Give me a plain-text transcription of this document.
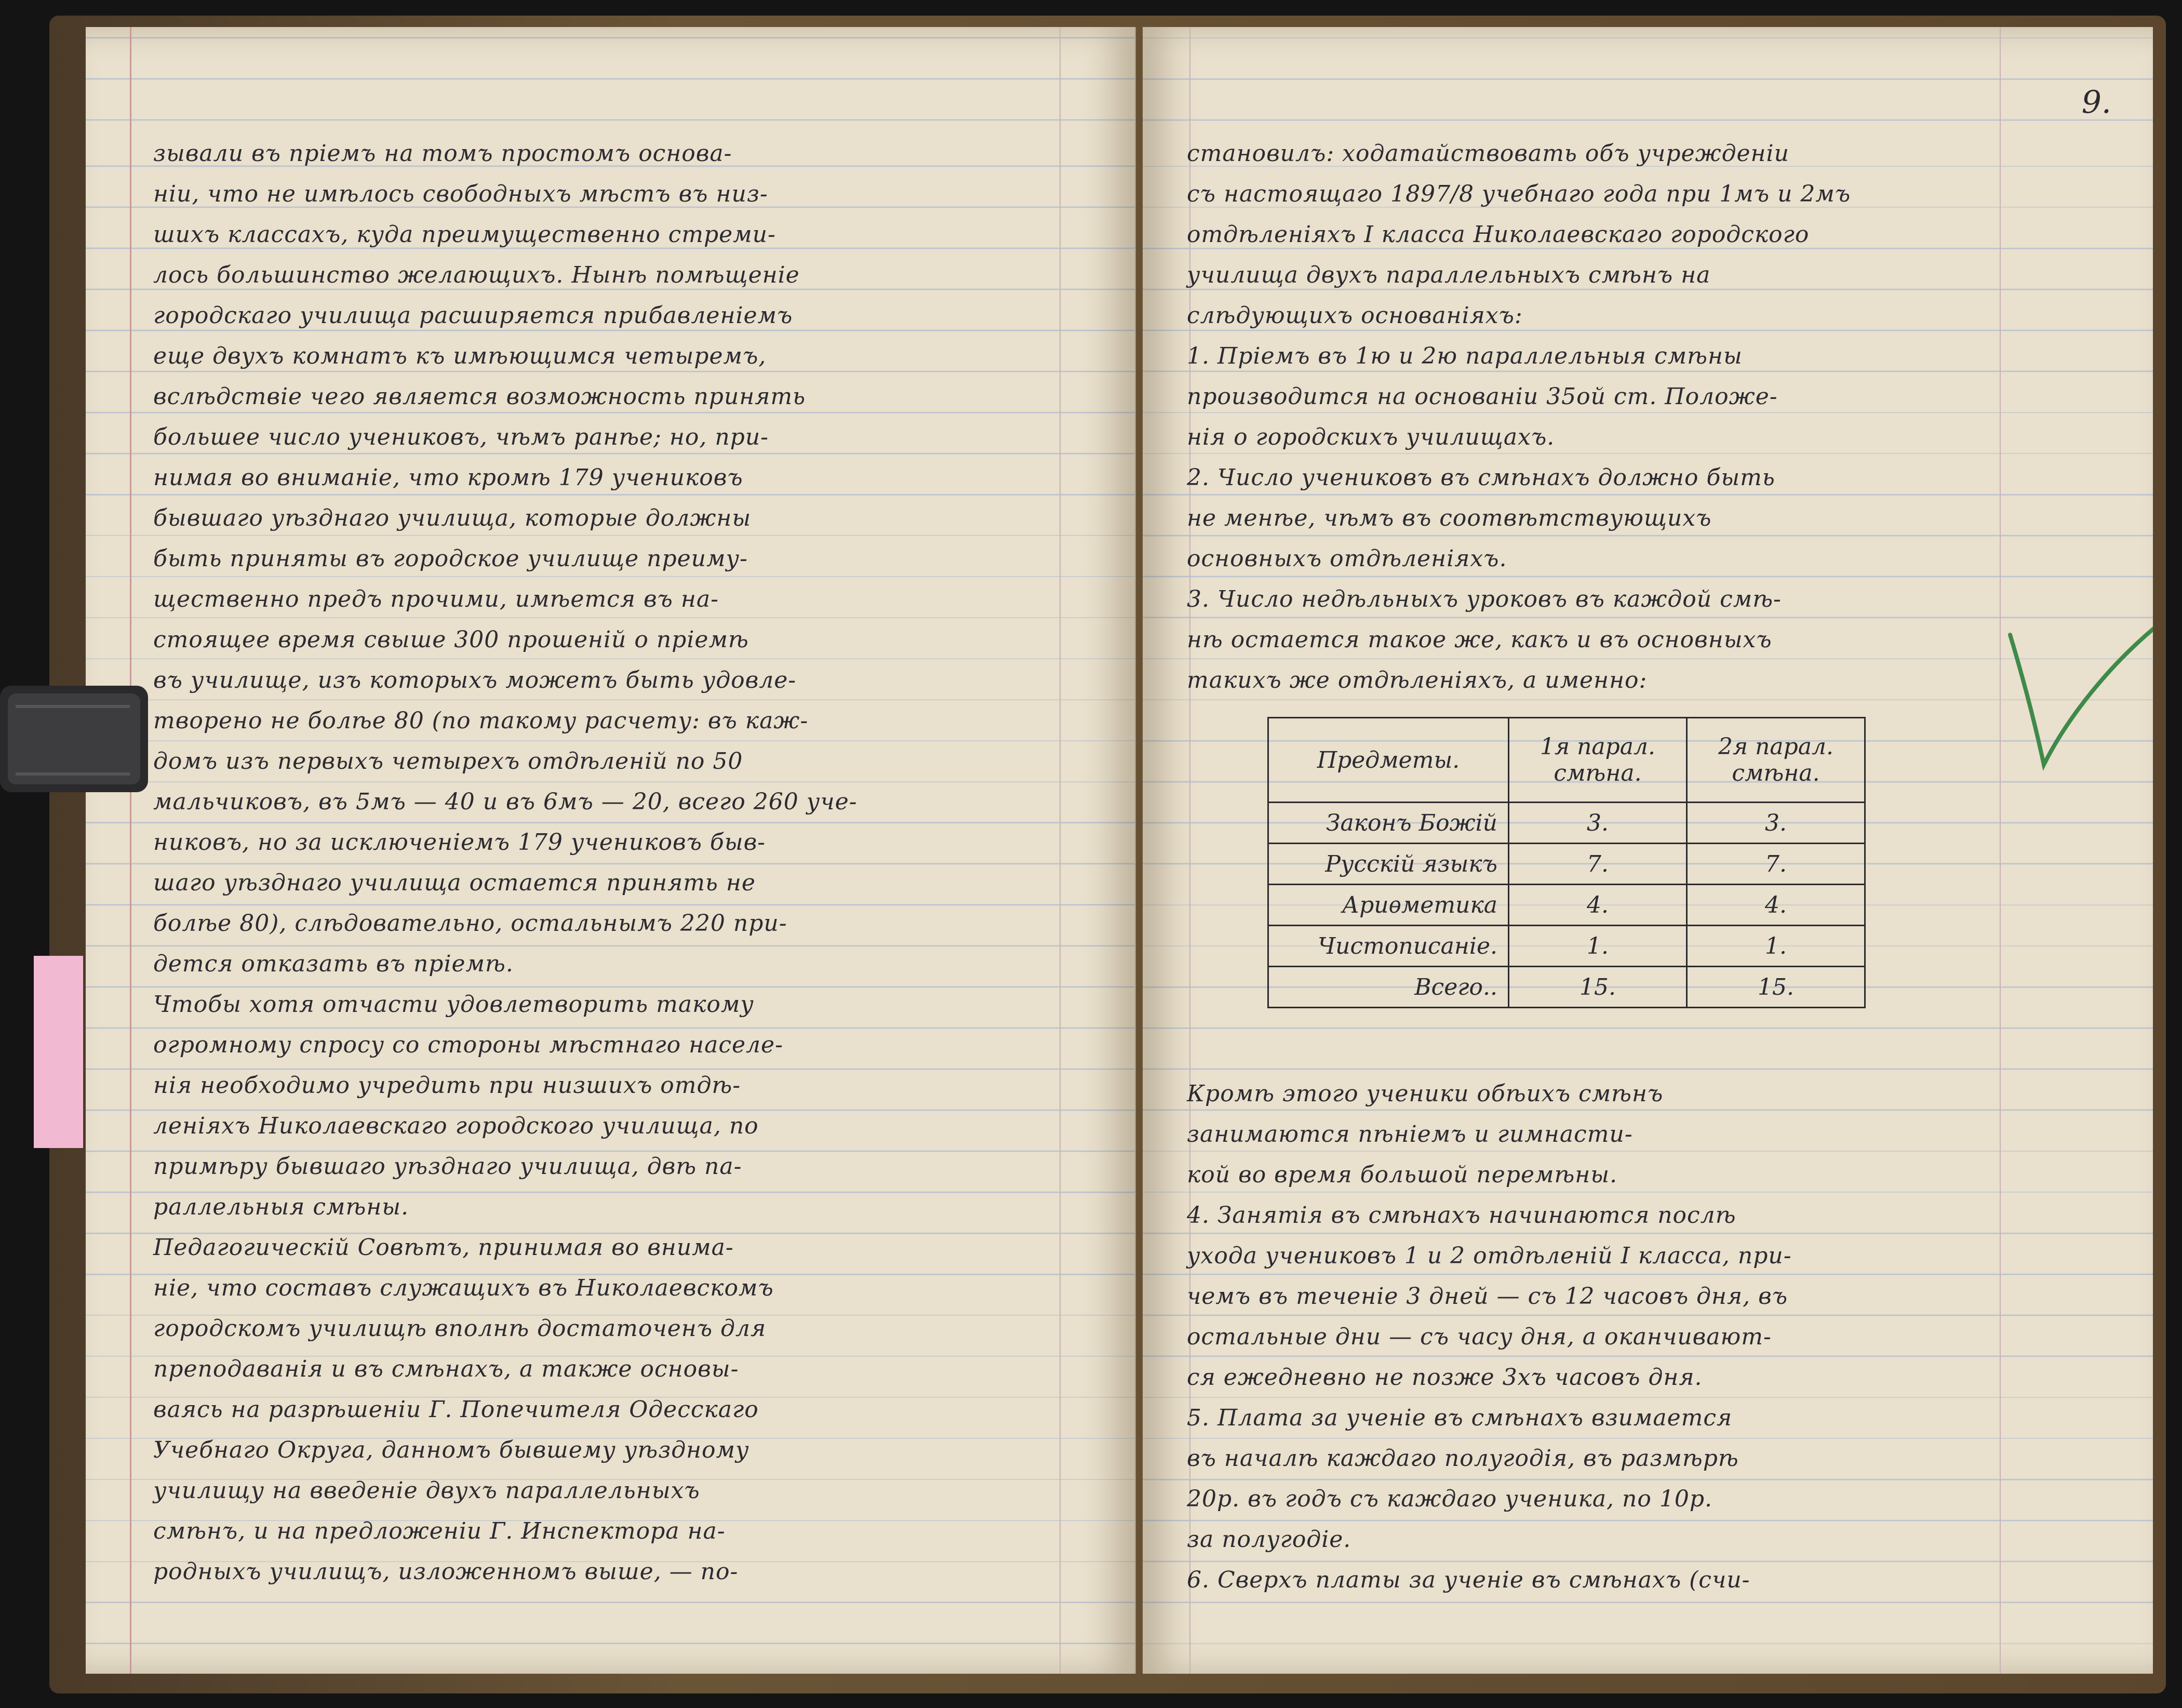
зывали въ прiемъ на томъ простомъ основа-
нiи, что не имѣлось свободныхъ мѣстъ въ низ-
шихъ классахъ, куда преимущественно стреми-
лось большинство желающихъ. Нынѣ помѣщенiе
городскаго училища расширяется прибавленiемъ
еще двухъ комнатъ къ имѣющимся четыремъ,
вслѣдствiе чего является возможность принять
большее число учениковъ, чѣмъ ранѣе; но, при-
нимая во вниманiе, что кромѣ 179 учениковъ
бывшаго уѣзднаго училища, которые должны
быть приняты въ городское училище преиму-
щественно предъ прочими, имѣется въ на-
стоящее время свыше 300 прошенiй о прiемѣ
въ училище, изъ которыхъ можетъ быть удовле-
творено не болѣе 80 (по такому расчету: въ каж-
домъ изъ первыхъ четырехъ отдѣленiй по 50
мальчиковъ, въ 5мъ — 40 и въ 6мъ — 20, всего 260 уче-
никовъ, но за исключенiемъ 179 учениковъ быв-
шаго уѣзднаго училища остается принять не
болѣе 80), слѣдовательно, остальнымъ 220 при-
дется отказать въ прiемѣ.
Чтобы хотя отчасти удовлетворить такому
огромному спросу со стороны мѣстнаго населе-
нiя необходимо учредить при низшихъ отдѣ-
ленiяхъ Николаевскаго городского училища, по
примѣру бывшаго уѣзднаго училища, двѣ па-
раллельныя смѣны.
Педагогическiй Совѣтъ, принимая во внима-
нiе, что составъ служащихъ въ Николаевскомъ
городскомъ училищѣ вполнѣ достаточенъ для
преподаванiя и въ смѣнахъ, а также основы-
ваясь на разрѣшенiи Г. Попечителя Одесскаго
Учебнаго Округа, данномъ бывшему уѣздному
училищу на введенiе двухъ параллельныхъ
смѣнъ, и на предложенiи Г. Инспектора на-
родныхъ училищъ, изложенномъ выше, — по-
9.
становилъ: ходатайствовать объ учрежденiи
съ настоящаго 1897/8 учебнаго года при 1мъ и 2мъ
отдѣленiяхъ I класса Николаевскаго городского
училища двухъ параллельныхъ смѣнъ на
слѣдующихъ основанiяхъ:
1. Прiемъ въ 1ю и 2ю параллельныя смѣны
производится на основанiи 35ой ст. Положе-
нiя о городскихъ училищахъ.
2. Число учениковъ въ смѣнахъ должно быть
не менѣе, чѣмъ въ соотвѣтствующихъ
основныхъ отдѣленiяхъ.
3. Число недѣльныхъ уроковъ въ каждой смѣ-
нѣ остается такое же, какъ и въ основныхъ
такихъ же отдѣленiяхъ, а именно:
Предметы.	1я парал. смѣна.	2я парал. смѣна.
Законъ Божiй	3.	3.
Русскiй языкъ	7.	7.
Ариѳметика	4.	4.
Чистописанiе.	1.	1.
Всего..	15.	15.
Кромѣ этого ученики обѣихъ смѣнъ
занимаются пѣнiемъ и гимнасти-
кой во время большой перемѣны.
4. Занятiя въ смѣнахъ начинаются послѣ
ухода учениковъ 1 и 2 отдѣленiй I класса, при-
чемъ въ теченiе 3 дней — съ 12 часовъ дня, въ
остальные дни — съ часу дня, а оканчивают-
ся ежедневно не позже 3хъ часовъ дня.
5. Плата за ученiе въ смѣнахъ взимается
въ началѣ каждаго полугодiя, въ размѣрѣ
20р. въ годъ съ каждаго ученика, по 10р.
за полугодiе.
6. Сверхъ платы за ученiе въ смѣнахъ (счи-
